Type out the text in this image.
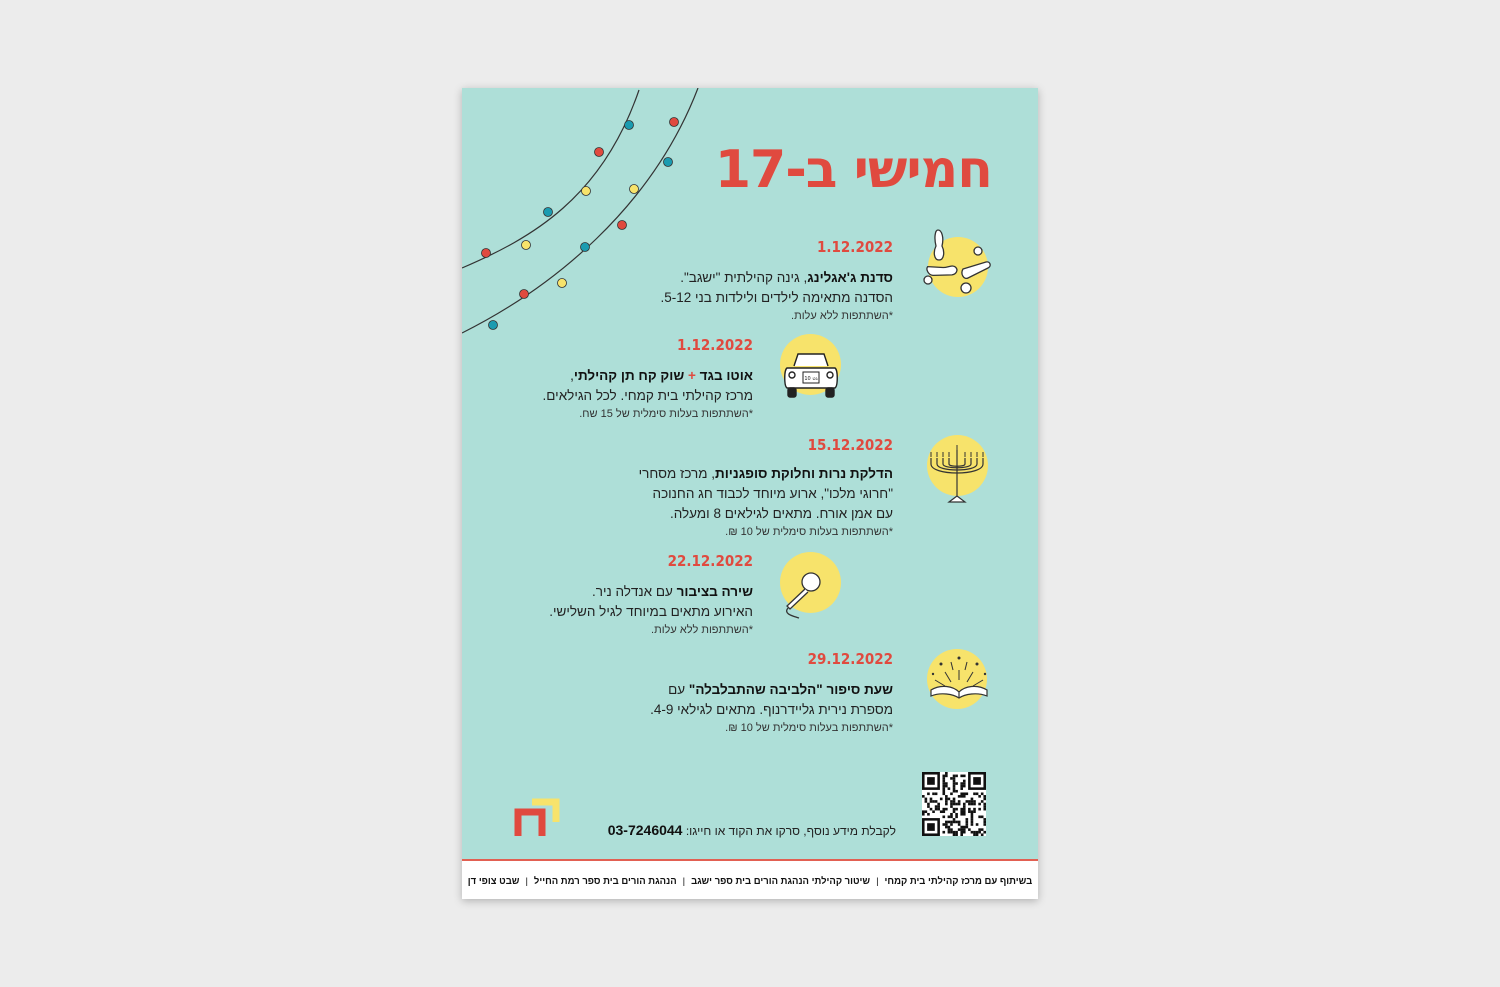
חמישי ב-17
1.12.2022
סדנת ג'אגלינג, גינה קהילתית "ישגב".
הסדנה מתאימה לילדים ולילדות בני 5-12.
*השתתפות ללא עלות.
1.12.2022
אוטו בגד + שוק קח תן קהילתי,
מרכז קהילתי בית קמחי. לכל הגילאים.
*השתתפות בעלות סימלית של 15 שח.
גט 10
15.12.2022
הדלקת נרות וחלוקת סופגניות, מרכז מסחרי
"חרוגי מלכו", ארוע מיוחד לכבוד חג החנוכה
עם אמן אורח. מתאים לגילאים 8 ומעלה.
*השתתפות בעלות סימלית של 10 ₪.
22.12.2022
שירה בציבור עם אנדלה ניר.
האירוע מתאים במיוחד לגיל השלישי.
*השתתפות ללא עלות.
29.12.2022
שעת סיפור "הלביבה שהתבלבלה" עם
מספרת נירית גליידרנוף. מתאים לגילאי 4-9.
*השתתפות בעלות סימלית של 10 ₪.
לקבלת מידע נוסף, סרקו את הקוד או חייגו: 03-7246044
בשיתוף עם מרכז קהילתי בית קמחי|שיטור קהילתי הנהגת הורים בית ספר ישגב|הנהגת הורים בית ספר רמת החייל|שבט צופי דן
